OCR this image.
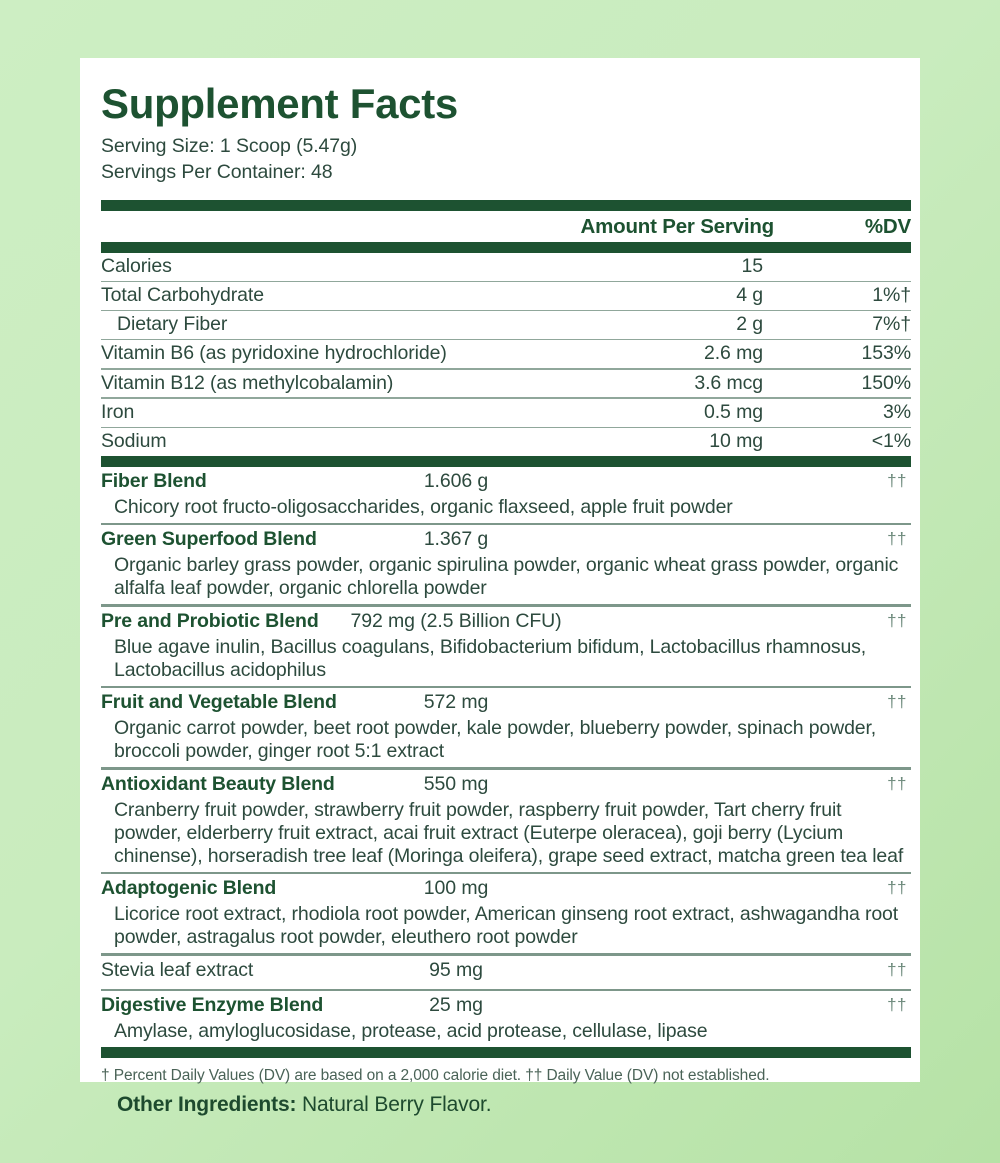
Supplement Facts
Serving Size: 1 Scoop (5.47g)
Servings Per Container: 48
Amount Per Serving	%DV
Calories	15
Total Carbohydrate	4 g	1%†
Dietary Fiber	2 g	7%†
Vitamin B6 (as pyridoxine hydrochloride)	2.6 mg	153%
Vitamin B12 (as methylcobalamin)	3.6 mcg	150%
Iron	0.5 mg	3%
Sodium	10 mg	<1%
Fiber Blend	1.606 g	††
Chicory root fructo-oligosaccharides, organic flaxseed, apple fruit powder
Green Superfood Blend	1.367 g	††
Organic barley grass powder, organic spirulina powder, organic wheat grass powder, organic alfalfa leaf powder, organic chlorella powder
Pre and Probiotic Blend	792 mg (2.5 Billion CFU)	††
Blue agave inulin, Bacillus coagulans, Bifidobacterium bifidum, Lactobacillus rhamnosus, Lactobacillus acidophilus
Fruit and Vegetable Blend	572 mg	††
Organic carrot powder, beet root powder, kale powder, blueberry powder, spinach powder, broccoli powder, ginger root 5:1 extract
Antioxidant Beauty Blend	550 mg	††
Cranberry fruit powder, strawberry fruit powder, raspberry fruit powder, Tart cherry fruit powder, elderberry fruit extract, acai fruit extract (Euterpe oleracea), goji berry (Lycium chinense), horseradish tree leaf (Moringa oleifera), grape seed extract, matcha green tea leaf
Adaptogenic Blend	100 mg	††
Licorice root extract, rhodiola root powder, American ginseng root extract, ashwagandha root powder, astragalus root powder, eleuthero root powder
Stevia leaf extract	95 mg	††
Digestive Enzyme Blend	25 mg	††
Amylase, amyloglucosidase, protease, acid protease, cellulase, lipase
† Percent Daily Values (DV) are based on a 2,000 calorie diet. †† Daily Value (DV) not established.
Other Ingredients: Natural Berry Flavor.
